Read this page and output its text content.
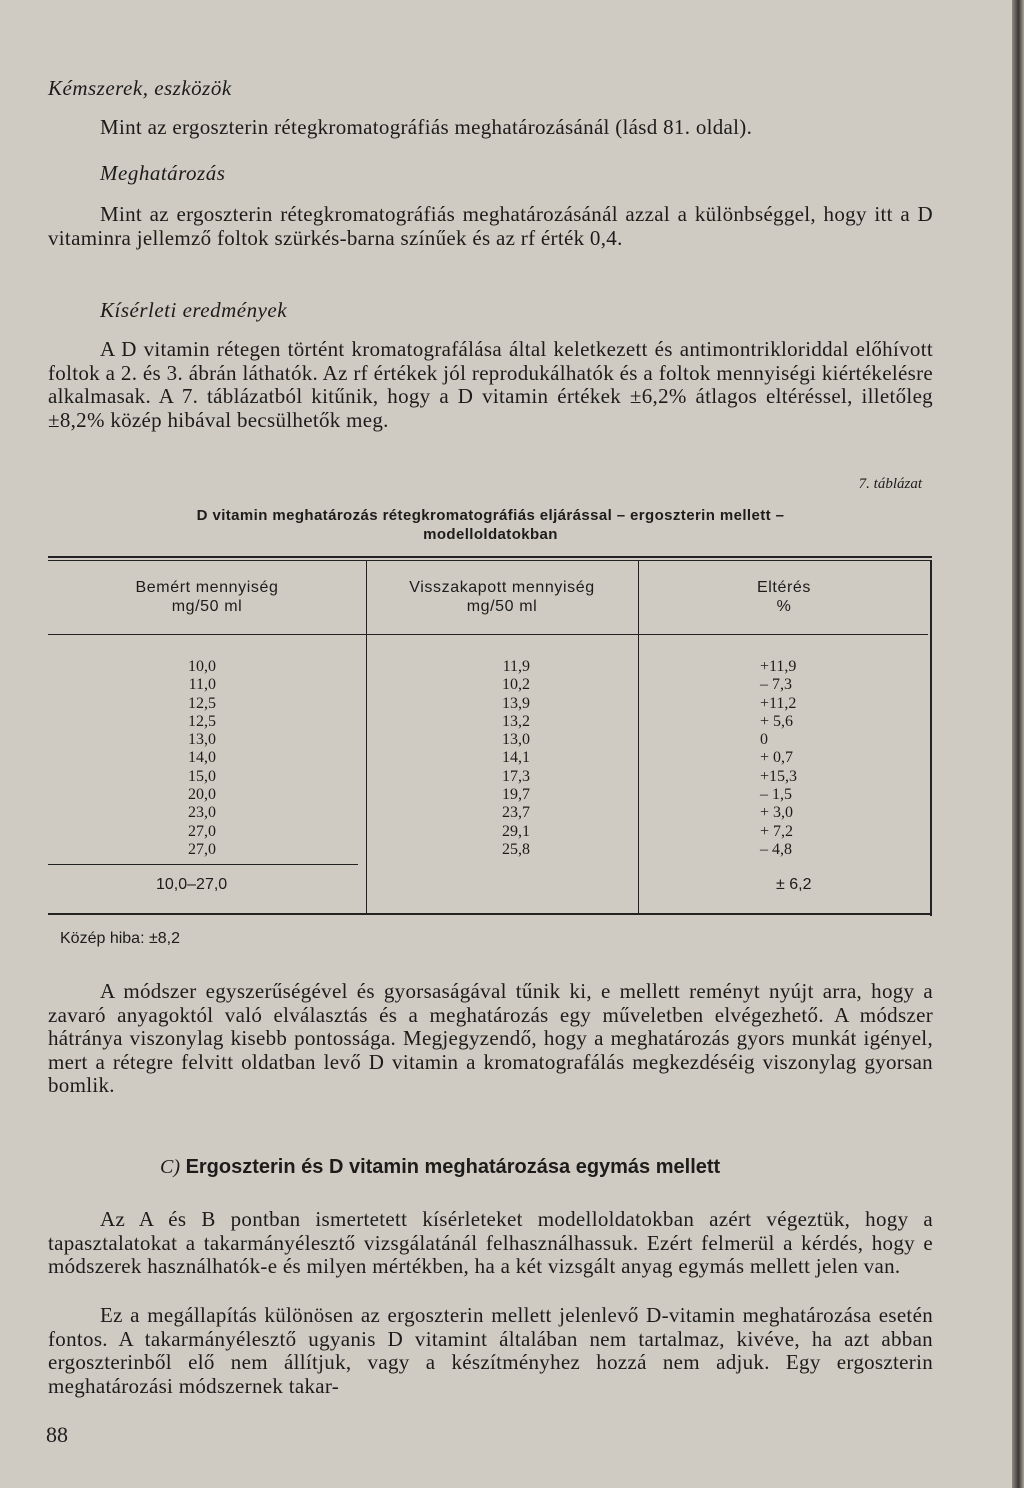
Kémszerek, eszközök
Mint az ergoszterin rétegkromatográfiás meghatározásánál (lásd 81. oldal).
Meghatározás
Mint az ergoszterin rétegkromatográfiás meghatározásánál azzal a különbséggel, hogy itt a D vitaminra jellemző foltok szürkés-barna színűek és az rf érték 0,4.
Kísérleti eredmények
A D vitamin rétegen történt kromatografálása által keletkezett és antimontrikloriddal előhívott foltok a 2. és 3. ábrán láthatók. Az rf értékek jól reprodukálhatók és a foltok mennyiségi kiértékelésre alkalmasak. A 7. táblázatból kitűnik, hogy a D vitamin értékek ±6,2% átlagos eltéréssel, illetőleg ±8,2% közép hibával becsülhetők meg.
7. táblázat
D vitamin meghatározás rétegkromatográfiás eljárással – ergoszterin mellett –
modelloldatokban
Bemért mennyiség
mg/50 ml
Visszakapott mennyiség
mg/50 ml
Eltérés
%
10,0
11,0
12,5
12,5
13,0
14,0
15,0
20,0
23,0
27,0
27,0
11,9
10,2
13,9
13,2
13,0
14,1
17,3
19,7
23,7
29,1
25,8
+11,9
– 7,3
+11,2
+ 5,6
0
+ 0,7
+15,3
– 1,5
+ 3,0
+ 7,2
– 4,8
10,0–27,0	± 6,2
Közép hiba: ±8,2
A módszer egyszerűségével és gyorsaságával tűnik ki, e mellett reményt nyújt arra, hogy a zavaró anyagoktól való elválasztás és a meghatározás egy műveletben elvégezhető. A módszer hátránya viszonylag kisebb pontossága. Megjegyzendő, hogy a meghatározás gyors munkát igényel, mert a rétegre felvitt oldatban levő D vitamin a kromatografálás megkezdéséig viszonylag gyorsan bomlik.
C) Ergoszterin és D vitamin meghatározása egymás mellett
Az A és B pontban ismertetett kísérleteket modelloldatokban azért végeztük, hogy a tapasztalatokat a takarmányélesztő vizsgálatánál felhasználhassuk. Ezért felmerül a kérdés, hogy e módszerek használhatók-e és milyen mértékben, ha a két vizsgált anyag egymás mellett jelen van.
Ez a megállapítás különösen az ergoszterin mellett jelenlevő D-vitamin meghatározása esetén fontos. A takarmányélesztő ugyanis D vitamint általában nem tartalmaz, kivéve, ha azt abban ergoszterinből elő nem állítjuk, vagy a készítményhez hozzá nem adjuk. Egy ergoszterin meghatározási módszernek takar-
88
